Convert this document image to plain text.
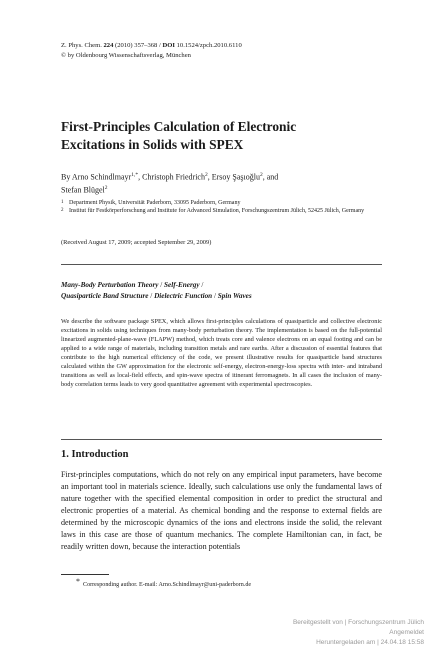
Z. Phys. Chem. 224 (2010) 357–368 / DOI 10.1524/zpch.2010.6110
© by Oldenbourg Wissenschaftsverlag, München
First-Principles Calculation of Electronic
Excitations in Solids with SPEX
By Arno Schindlmayr$^{1,*}$, Christoph Friedrich$^2$, Ersoy Şaşıoğlu$^2$, and
Stefan Blügel$^2$
1 Department Physik, Universität Paderborn, 33095 Paderborn, Germany
2 Institut für Festkörperforschung and Institute for Advanced Simulation, Forschungszentrum Jülich, 52425 Jülich, Germany
(Received August 17, 2009; accepted September 29, 2009)
Many-Body Perturbation Theory / Self-Energy /
Quasiparticle Band Structure / Dielectric Function / Spin Waves
We describe the software package SPEX, which allows first-principles calculations of quasiparticle and collective electronic excitations in solids using techniques from many-body perturbation theory. The implementation is based on the full-potential linearized augmented-plane-wave (FLAPW) method, which treats core and valence electrons on an equal footing and can be applied to a wide range of materials, including transition metals and rare earths. After a discussion of essential features that contribute to the high numerical efficiency of the code, we present illustrative results for quasiparticle band structures calculated within the GW approximation for the electronic self-energy, electron-energy-loss spectra with inter- and intraband transitions as well as local-field effects, and spin-wave spectra of itinerant ferromagnets. In all cases the inclusion of many-body correlation terms leads to very good quantitative agreement with experimental spectroscopies.
1. Introduction
First-principles computations, which do not rely on any empirical input parameters, have become an important tool in materials science. Ideally, such calculations use only the fundamental laws of nature together with the specified elemental composition in order to predict the structural and electronic properties of a material. As chemical bonding and the response to external fields are determined by the microscopic dynamics of the ions and electrons inside the solid, the relevant laws in this case are those of quantum mechanics. The complete Hamiltonian can, in fact, be readily written down, because the interaction potentials
* Corresponding author. E-mail: Arno.Schindlmayr@uni-paderborn.de
Bereitgestellt von | Forschungszentrum Jülich
Angemeldet
Heruntergeladen am | 24.04.18 15:58
